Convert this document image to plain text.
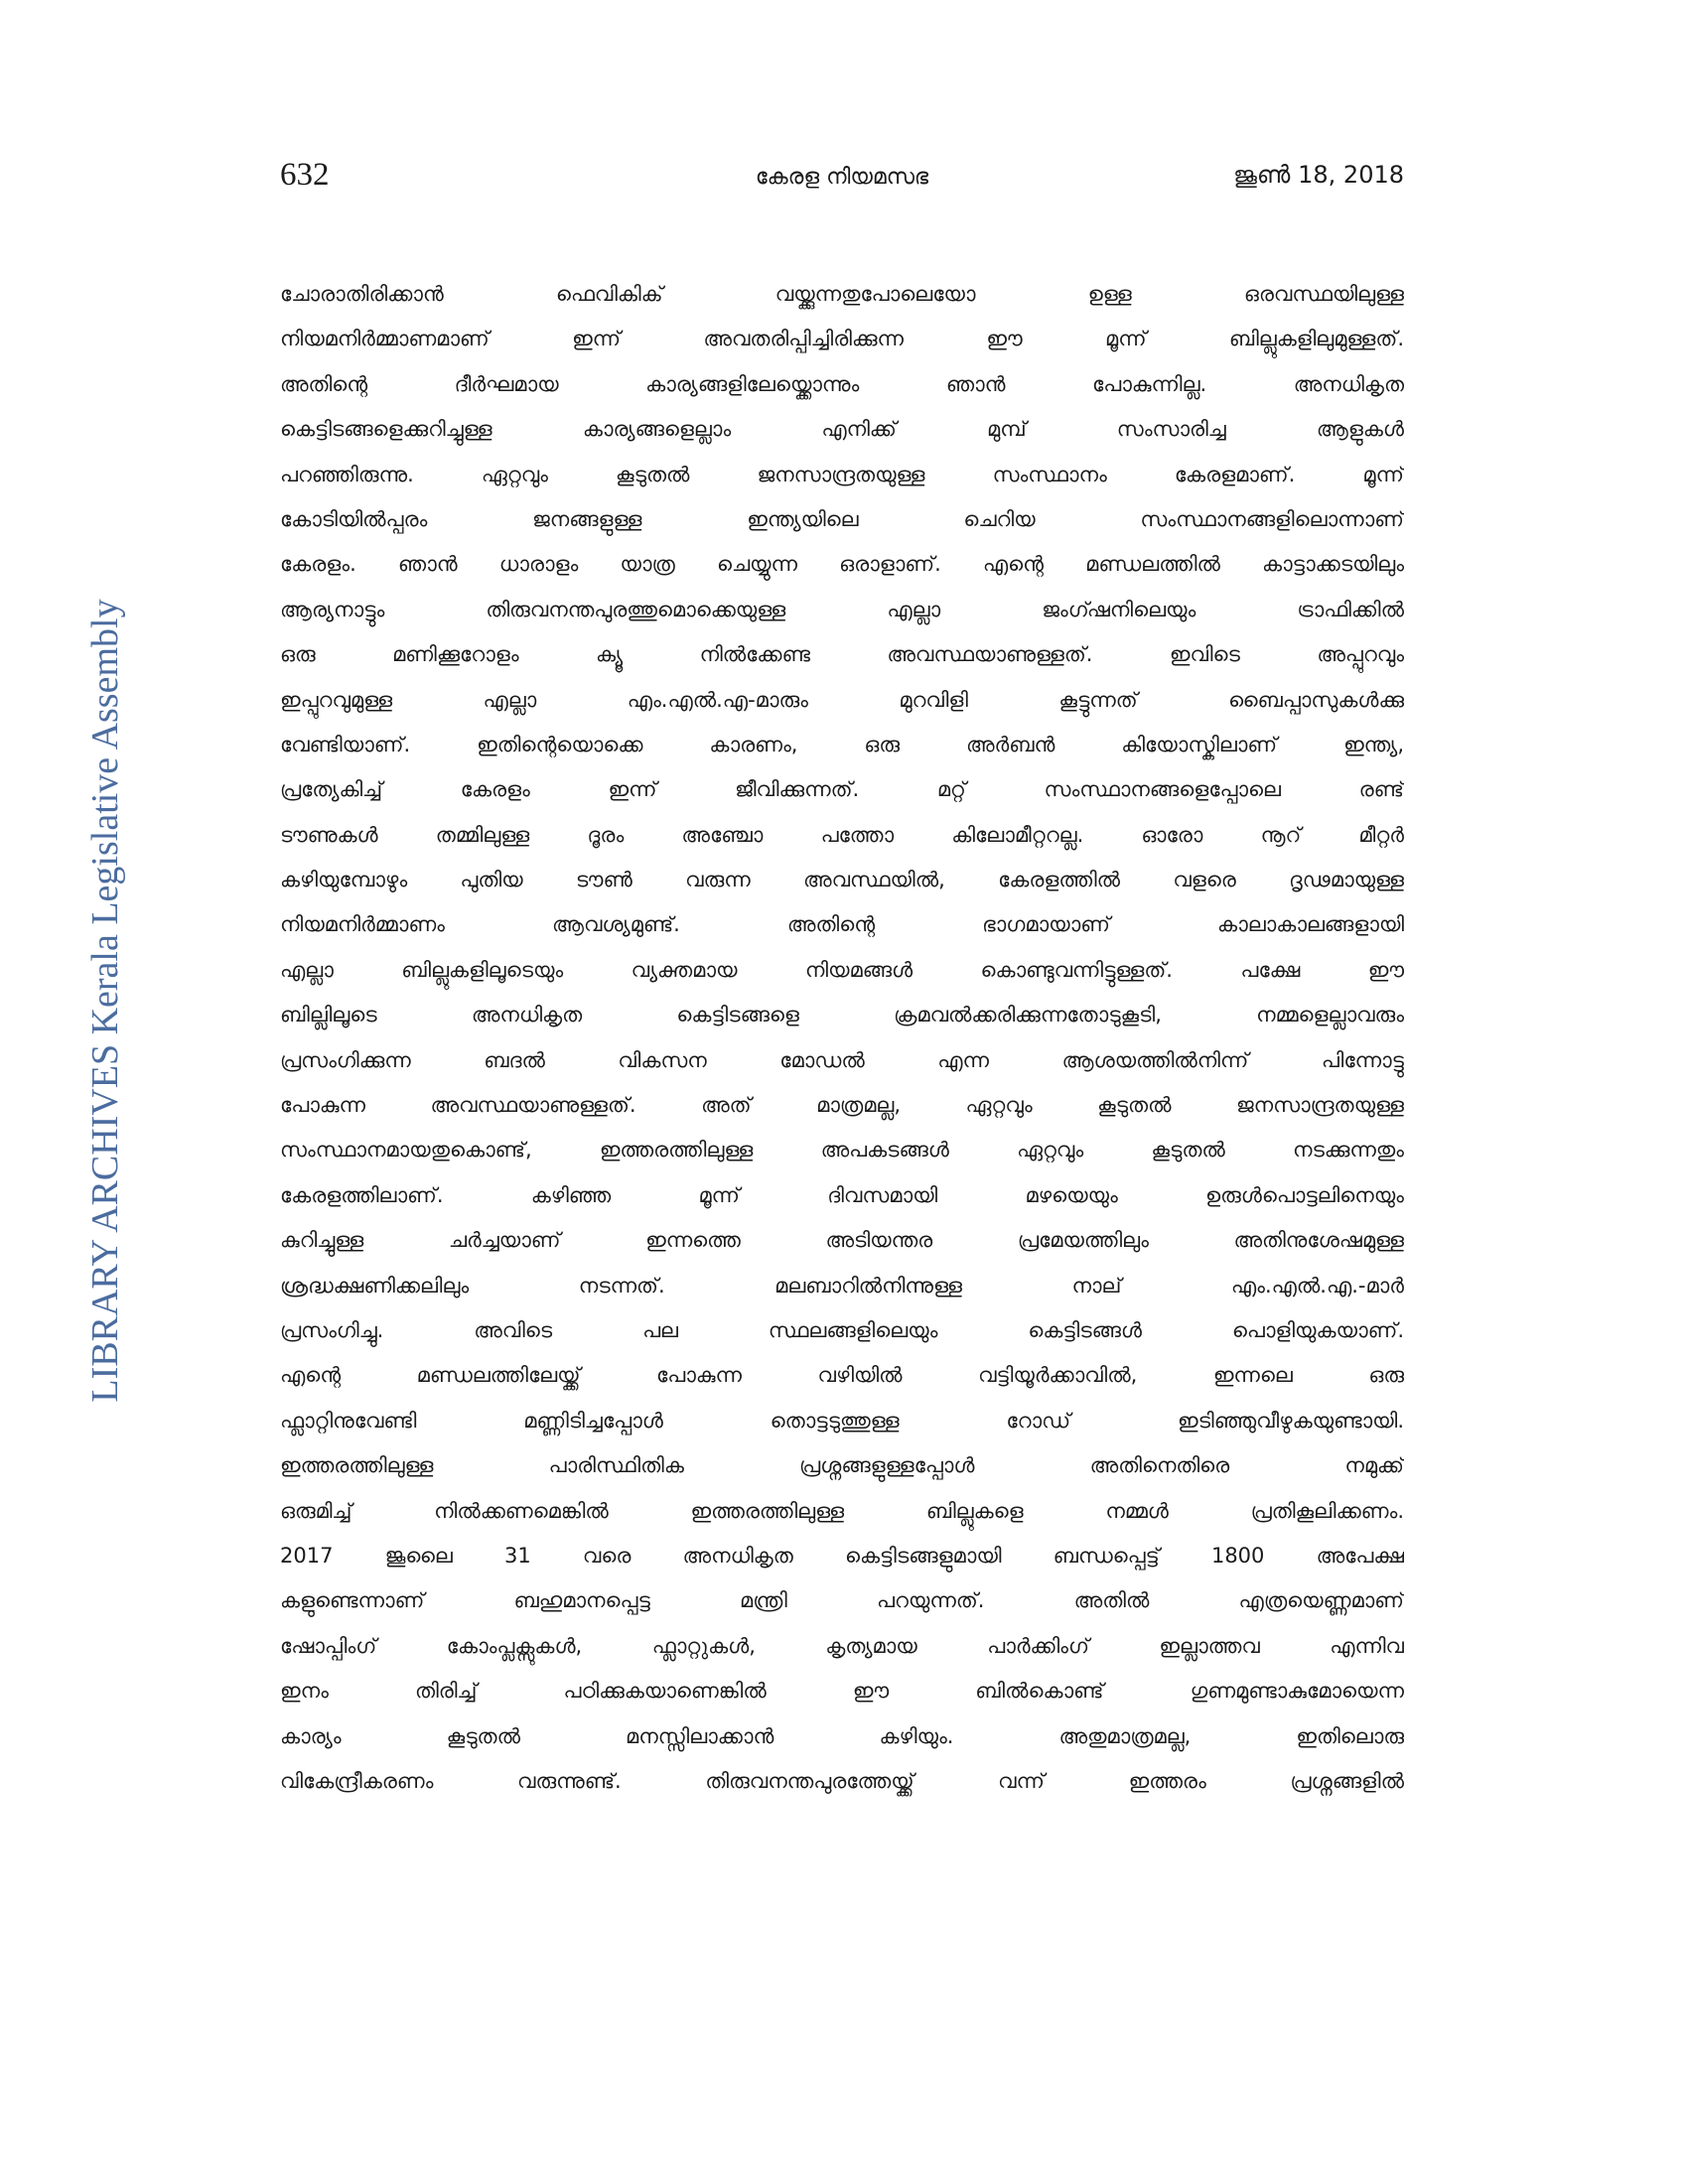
632	കേരള നിയമസഭ	ജൂൺ 18, 2018
LIBRARY ARCHIVES Kerala Legislative Assembly
ചോരാതിരിക്കാൻ ഫെവികിക് വയ്ക്കുന്നതുപോലെയോ ഉള്ള ഒരവസ്ഥയിലുള്ള
നിയമനിർമ്മാണമാണ് ഇന്ന് അവതരിപ്പിച്ചിരിക്കുന്ന ഈ മൂന്ന് ബില്ലുകളിലുമുള്ളത്.
അതിന്റെ ദീർഘമായ കാര്യങ്ങളിലേയ്ക്കൊന്നും ഞാൻ പോകുന്നില്ല. അനധികൃത
കെട്ടിടങ്ങളെക്കുറിച്ചുള്ള കാര്യങ്ങളെല്ലാം എനിക്ക് മുമ്പ് സംസാരിച്ച ആളുകൾ
പറഞ്ഞിരുന്നു. ഏറ്റവും കൂടുതൽ ജനസാന്ദ്രതയുള്ള സംസ്ഥാനം കേരളമാണ്. മൂന്ന്
കോടിയിൽപ്പരം ജനങ്ങളുള്ള ഇന്ത്യയിലെ ചെറിയ സംസ്ഥാനങ്ങളിലൊന്നാണ്
കേരളം. ഞാൻ ധാരാളം യാത്ര ചെയ്യുന്ന ഒരാളാണ്. എന്റെ മണ്ഡലത്തിൽ കാട്ടാക്കടയിലും
ആര്യനാട്ടും തിരുവനന്തപുരത്തുമൊക്കെയുള്ള എല്ലാ ജംഗ്ഷനിലെയും ട്രാഫിക്കിൽ
ഒരു മണിക്കൂറോളം ക്യൂ നിൽക്കേണ്ട അവസ്ഥയാണുള്ളത്. ഇവിടെ അപ്പുറവും
ഇപ്പുറവുമുള്ള എല്ലാ എം.എൽ.എ-മാരും മുറവിളി കൂട്ടുന്നത് ബൈപ്പാസുകൾക്കു
വേണ്ടിയാണ്. ഇതിന്റെയൊക്കെ കാരണം, ഒരു അർബൻ കിയോസ്കിലാണ് ഇന്ത്യ,
പ്രത്യേകിച്ച് കേരളം ഇന്ന് ജീവിക്കുന്നത്. മറ്റ് സംസ്ഥാനങ്ങളെപ്പോലെ രണ്ട്
ടൗണുകൾ തമ്മിലുള്ള ദൂരം അഞ്ചോ പത്തോ കിലോമീറ്ററല്ല. ഓരോ നൂറ് മീറ്റർ
കഴിയുമ്പോഴും പുതിയ ടൗൺ വരുന്ന അവസ്ഥയിൽ, കേരളത്തിൽ വളരെ ദൃഢമായുള്ള
നിയമനിർമ്മാണം ആവശ്യമുണ്ട്. അതിന്റെ ഭാഗമായാണ് കാലാകാലങ്ങളായി
എല്ലാ ബില്ലുകളിലൂടെയും വ്യക്തമായ നിയമങ്ങൾ കൊണ്ടുവന്നിട്ടുള്ളത്. പക്ഷേ ഈ
ബില്ലിലൂടെ അനധികൃത കെട്ടിടങ്ങളെ ക്രമവൽക്കരിക്കുന്നതോടുകൂടി, നമ്മളെല്ലാവരും
പ്രസംഗിക്കുന്ന ബദൽ വികസന മോഡൽ എന്ന ആശയത്തിൽനിന്ന് പിന്നോട്ടു
പോകുന്ന അവസ്ഥയാണുള്ളത്. അത് മാത്രമല്ല, ഏറ്റവും കൂടുതൽ ജനസാന്ദ്രതയുള്ള
സംസ്ഥാനമായതുകൊണ്ട്, ഇത്തരത്തിലുള്ള അപകടങ്ങൾ ഏറ്റവും കൂടുതൽ നടക്കുന്നതും
കേരളത്തിലാണ്. കഴിഞ്ഞ മൂന്ന് ദിവസമായി മഴയെയും ഉരുൾപൊട്ടലിനെയും
കുറിച്ചുള്ള ചർച്ചയാണ് ഇന്നത്തെ അടിയന്തര പ്രമേയത്തിലും അതിനുശേഷമുള്ള
ശ്രദ്ധക്ഷണിക്കലിലും നടന്നത്. മലബാറിൽനിന്നുള്ള നാല് എം.എൽ.എ.-മാർ
പ്രസംഗിച്ചു. അവിടെ പല സ്ഥലങ്ങളിലെയും കെട്ടിടങ്ങൾ പൊളിയുകയാണ്.
എന്റെ മണ്ഡലത്തിലേയ്ക്ക് പോകുന്ന വഴിയിൽ വട്ടിയൂർക്കാവിൽ, ഇന്നലെ ഒരു
ഫ്ലാറ്റിനുവേണ്ടി മണ്ണിടിച്ചപ്പോൾ തൊട്ടടുത്തുള്ള റോഡ് ഇടിഞ്ഞുവീഴുകയുണ്ടായി.
ഇത്തരത്തിലുള്ള പാരിസ്ഥിതിക പ്രശ്നങ്ങളുള്ളപ്പോൾ അതിനെതിരെ നമുക്ക്
ഒരുമിച്ച് നിൽക്കണമെങ്കിൽ ഇത്തരത്തിലുള്ള ബില്ലുകളെ നമ്മൾ പ്രതികൂലിക്കണം.
2017 ജൂലൈ 31 വരെ അനധികൃത കെട്ടിടങ്ങളുമായി ബന്ധപ്പെട്ട് 1800 അപേക്ഷ
കളുണ്ടെന്നാണ് ബഹുമാനപ്പെട്ട മന്ത്രി പറയുന്നത്. അതിൽ എത്രയെണ്ണമാണ്
ഷോപ്പിംഗ് കോംപ്ലക്സുകൾ, ഫ്ലാറ്റുകൾ, കൃത്യമായ പാർക്കിംഗ് ഇല്ലാത്തവ എന്നിവ
ഇനം തിരിച്ച് പഠിക്കുകയാണെങ്കിൽ ഈ ബിൽകൊണ്ട് ഗുണമുണ്ടാകുമോയെന്ന
കാര്യം കൂടുതൽ മനസ്സിലാക്കാൻ കഴിയും. അതുമാത്രമല്ല, ഇതിലൊരു
വികേന്ദ്രീകരണം വരുന്നുണ്ട്. തിരുവനന്തപുരത്തേയ്ക്ക് വന്ന് ഇത്തരം പ്രശ്നങ്ങളിൽ
